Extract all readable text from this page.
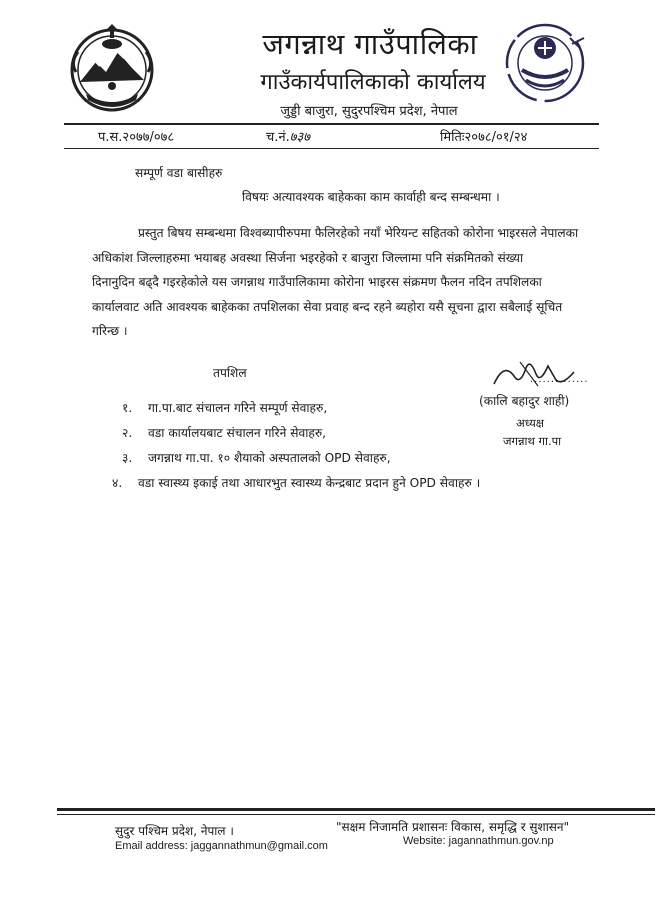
जगन्नाथ गाउँपालिका
गाउँकार्यपालिकाको कार्यालय
जुड्डी बाजुरा, सुदुरपश्चिम प्रदेश, नेपाल
प.स.२०७७/०७८	च.नं.७३७	मितिः२०७८/०१/२४
सम्पूर्ण वडा बासीहरु
विषयः अत्यावश्यक बाहेकका काम कार्वाही बन्द सम्बन्धमा ।
प्रस्तुत बिषय सम्बन्धमा विश्वब्यापीरुपमा फैलिरहेको नयाँ भेरियन्ट सहितको कोरोना भाइरसले नेपालका
अधिकांश जिल्लाहरुमा भयाबह अवस्था सिर्जना भइरहेको र बाजुरा जिल्लामा पनि संक्रमितको संख्या
दिनानुदिन बढ्दै गइरहेकोले यस जगन्नाथ गाउँपालिकामा कोरोना भाइरस संक्रमण फैलन नदिन तपशिलका
कार्यालवाट अति आवश्यक बाहेकका तपशिलका सेवा प्रवाह बन्द रहने ब्यहोरा यसै सूचना द्वारा सबैलाई सूचित
गरिन्छ ।
तपशिल
१. गा.पा.बाट संचालन गरिने सम्पूर्ण सेवाहरु,
२. वडा कार्यालयबाट संचालन गरिने सेवाहरु,
३. जगन्नाथ गा.पा. १० शैयाको अस्पतालको OPD सेवाहरु,
४. वडा स्वास्थ्य इकाई तथा आधारभुत स्वास्थ्य केन्द्रबाट प्रदान हुने OPD सेवाहरु ।
..............
(कालि बहादुर शाही)
अध्यक्ष
जगन्नाथ गा.पा
सुदुर पश्चिम प्रदेश, नेपाल ।	"सक्षम निजामति प्रशासनः विकास, समृद्धि र सुशासन"
Email address: jaggannathmun@gmail.com	Website: jagannathmun.gov.np
